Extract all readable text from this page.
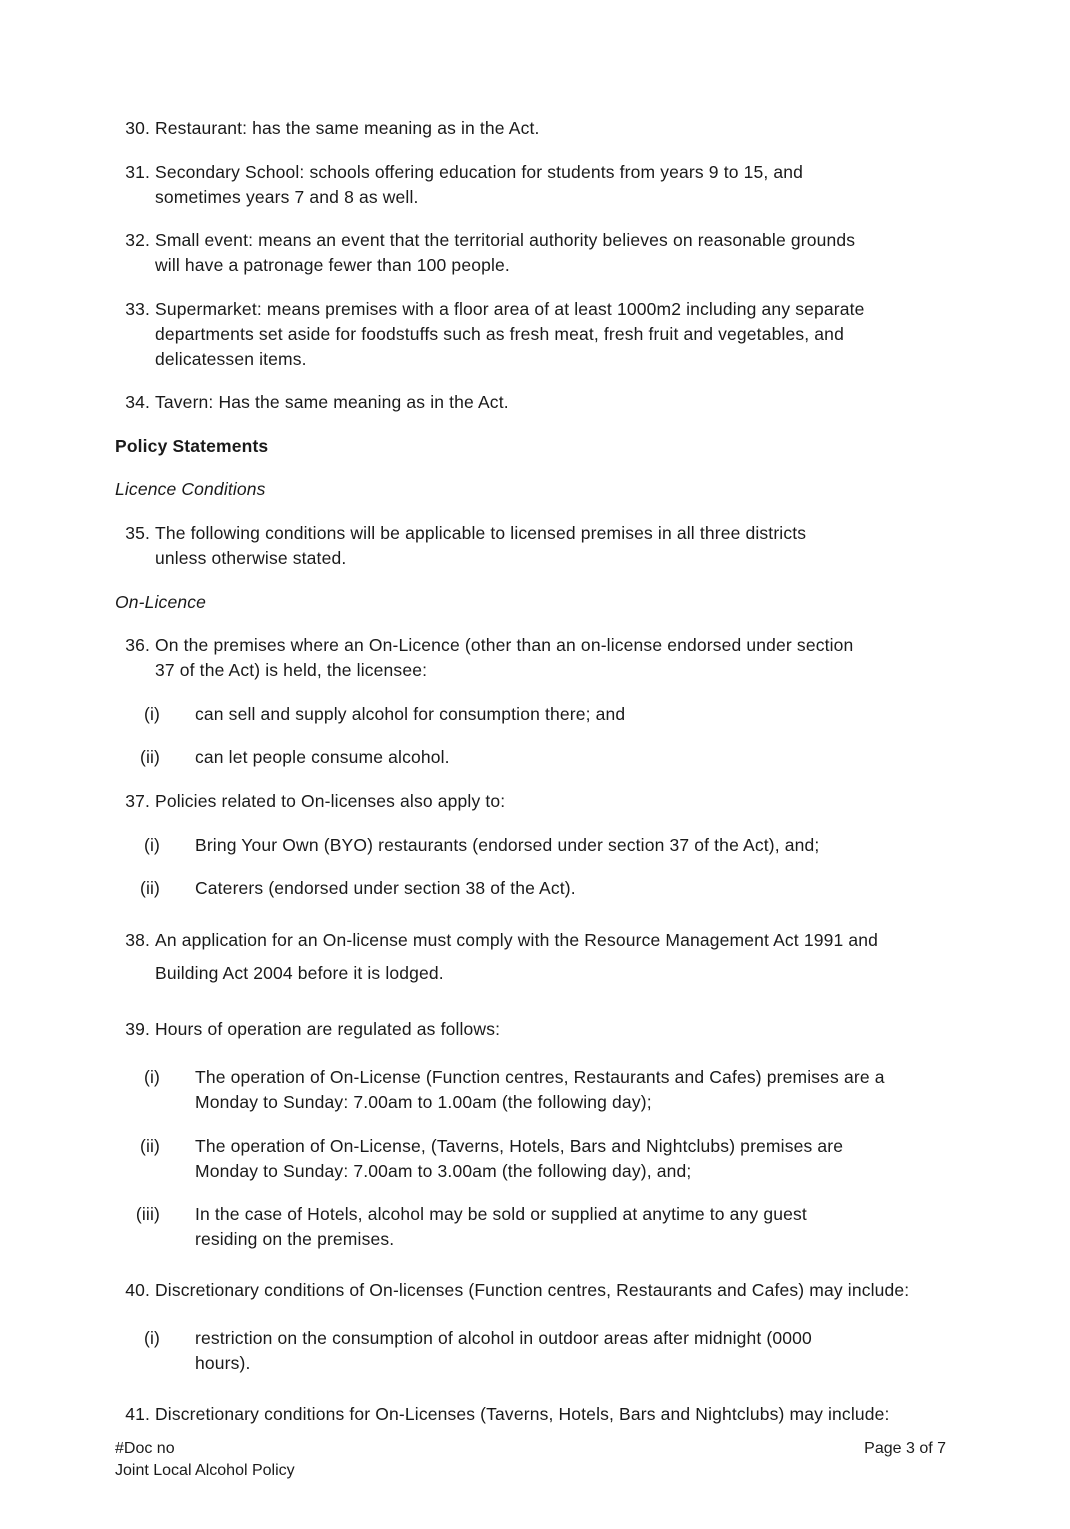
30. Restaurant: has the same meaning as in the Act.
31. Secondary School: schools offering education for students from years 9 to 15, and
sometimes years 7 and 8 as well.
32. Small event: means an event that the territorial authority believes on reasonable grounds
will have a patronage fewer than 100 people.
33. Supermarket: means premises with a floor area of at least 1000m2 including any separate
departments set aside for foodstuffs such as fresh meat, fresh fruit and vegetables, and
delicatessen items.
34. Tavern: Has the same meaning as in the Act.
Policy Statements
Licence Conditions
35. The following conditions will be applicable to licensed premises in all three districts
unless otherwise stated.
On-Licence
36. On the premises where an On-Licence (other than an on-license endorsed under section
37 of the Act) is held, the licensee:
(i) can sell and supply alcohol for consumption there; and
(ii) can let people consume alcohol.
37. Policies related to On-licenses also apply to:
(i) Bring Your Own (BYO) restaurants (endorsed under section 37 of the Act), and;
(ii) Caterers (endorsed under section 38 of the Act).
38. An application for an On-license must comply with the Resource Management Act 1991 and
Building Act 2004 before it is lodged.
39. Hours of operation are regulated as follows:
(i) The operation of On-License (Function centres, Restaurants and Cafes) premises are a
Monday to Sunday: 7.00am to 1.00am (the following day);
(ii) The operation of On-License, (Taverns, Hotels, Bars and Nightclubs) premises are
Monday to Sunday: 7.00am to 3.00am (the following day), and;
(iii) In the case of Hotels, alcohol may be sold or supplied at anytime to any guest
residing on the premises.
40. Discretionary conditions of On-licenses (Function centres, Restaurants and Cafes) may include:
(i) restriction on the consumption of alcohol in outdoor areas after midnight (0000
hours).
41. Discretionary conditions for On-Licenses (Taverns, Hotels, Bars and Nightclubs) may include:
#Doc no
Joint Local Alcohol Policy
Page 3 of 7
